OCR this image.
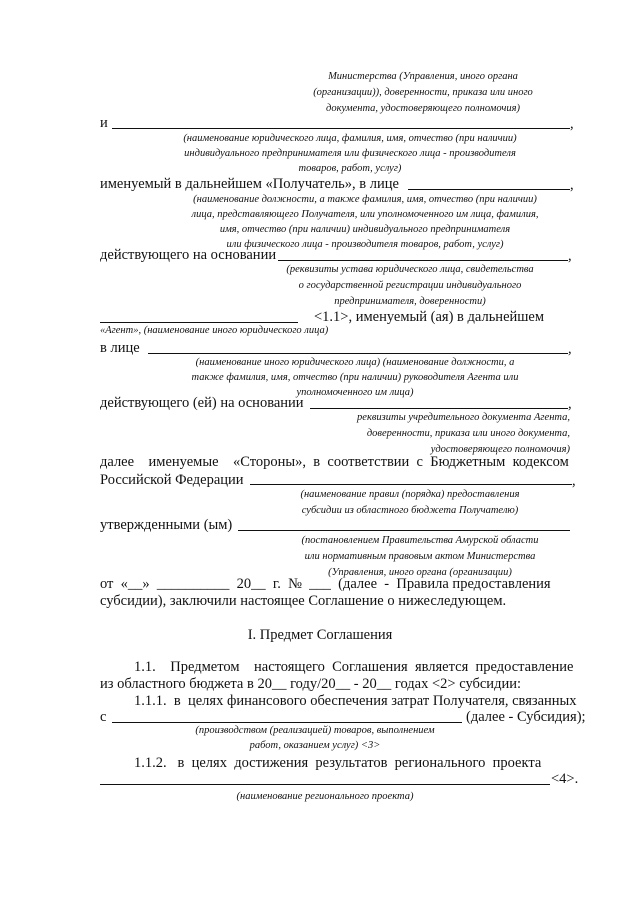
Министерства (Управления, иного органа
(организации)), доверенности, приказа или иного
документа, удостоверяющего полномочия)
и	,
(наименование юридического лица, фамилия, имя, отчество (при наличии)
индивидуального предпринимателя или физического лица - производителя
товаров, работ, услуг)
именуемый в дальнейшем «Получатель», в лице	,
(наименование должности, а также фамилия, имя, отчество (при наличии)
лица, представляющего Получателя, или уполномоченного им лица, фамилия,
имя, отчество (при наличии) индивидуального предпринимателя
или физического лица - производителя товаров, работ, услуг)
действующего на основании	,
(реквизиты устава юридического лица, свидетельства
о государственной регистрации индивидуального
предпринимателя, доверенности)
<1.1>, именуемый (ая) в дальнейшем
«Агент», (наименование иного юридического лица)
в лице	,
(наименование иного юридического лица) (наименование должности, а
также фамилия, имя, отчество (при наличии) руководителя Агента или
уполномоченного им лица)
действующего (ей) на основании	,
реквизиты учредительного документа Агента,
доверенности, приказа или иного документа,
удостоверяющего полномочия)
далее    именуемые    «Стороны»,  в  соответствии  с  Бюджетным  кодексом
Российской Федерации	,
(наименование правил (порядка) предоставления
субсидии из областного бюджета Получателю)
утвержденными (ым)
(постановлением Правительства Амурской области
или нормативным правовым актом Министерства
(Управления, иного органа (организации)
от  «__»  __________  20__  г.  №  ___  (далее  -  Правила предоставления
субсидии), заключили настоящее Соглашение о нижеследующем.
I. Предмет Соглашения
1.1.    Предметом    настоящего  Соглашения  является  предоставление
из областного бюджета в 20__ году/20__ - 20__ годах <2> субсидии:
1.1.1.  в  целях финансового обеспечения затрат Получателя, связанных
с	(далее - Субсидия);
(производством (реализацией) товаров, выполнением
работ, оказанием услуг) <3>
1.1.2.   в  целях  достижения  результатов  регионального  проекта
<4>.
(наименование регионального проекта)
